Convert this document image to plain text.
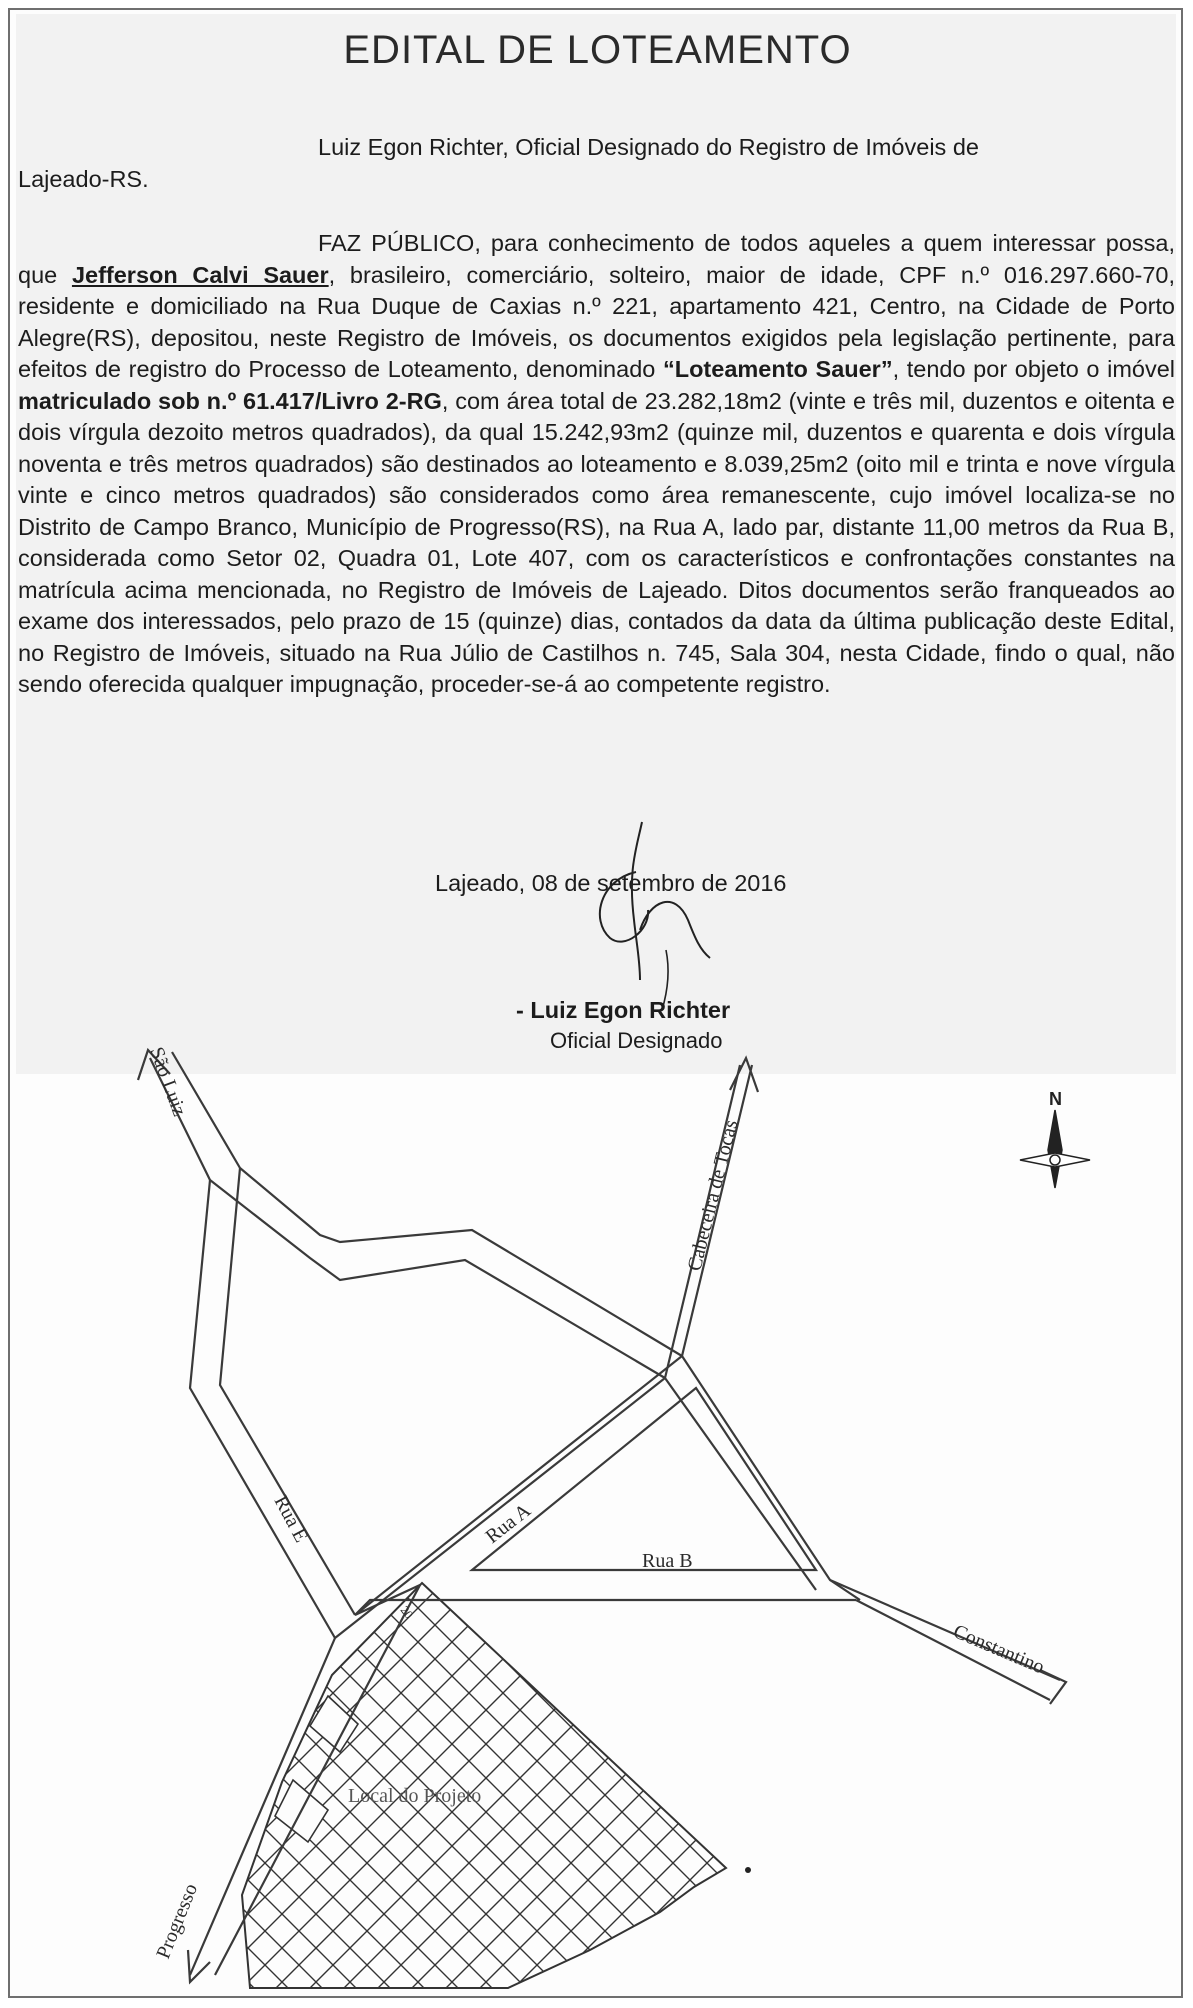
EDITAL DE LOTEAMENTO

Luiz Egon Richter, Oficial Designado do Registro de Imóveis de
Lajeado-RS.

FAZ PÚBLICO, para conhecimento de todos aqueles a quem interessar possa, que Jefferson Calvi Sauer, brasileiro, comerciário, solteiro, maior de idade, CPF n.º 016.297.660-70, residente e domiciliado na Rua Duque de Caxias n.º 221, apartamento 421, Centro, na Cidade de Porto Alegre(RS), depositou, neste Registro de Imóveis, os documentos exigidos pela legislação pertinente, para efeitos de registro do Processo de Loteamento, denominado “Loteamento Sauer”, tendo por objeto o imóvel matriculado sob n.º 61.417/Livro 2-RG, com área total de 23.282,18m2 (vinte e três mil, duzentos e oitenta e dois vírgula dezoito metros quadrados), da qual 15.242,93m2 (quinze mil, duzentos e quarenta e dois vírgula noventa e três metros quadrados) são destinados ao loteamento e 8.039,25m2 (oito mil e trinta e nove vírgula vinte e cinco metros quadrados) são considerados como área remanescente, cujo imóvel localiza-se no Distrito de Campo Branco, Município de Progresso(RS), na Rua A, lado par, distante 11,00 metros da Rua B, considerada como Setor 02, Quadra 01, Lote 407, com os característicos e confrontações constantes na matrícula acima mencionada, no Registro de Imóveis de Lajeado. Ditos documentos serão franqueados ao exame dos interessados, pelo prazo de 15 (quinze) dias, contados da data da última publicação deste Edital, no Registro de Imóveis, situado na Rua Júlio de Castilhos n. 745, Sala 304, nesta Cidade, findo o qual, não sendo oferecida qualquer impugnação, proceder-se-á ao competente registro.

Lajeado, 08 de setembro de 2016
- Luiz Egon Richter
Oficial Designado
N
São Luiz
Cabeceira de Tocas
Rua E	Rua A
Rua B
Constantino
Progresso
20
Local do Projeto
